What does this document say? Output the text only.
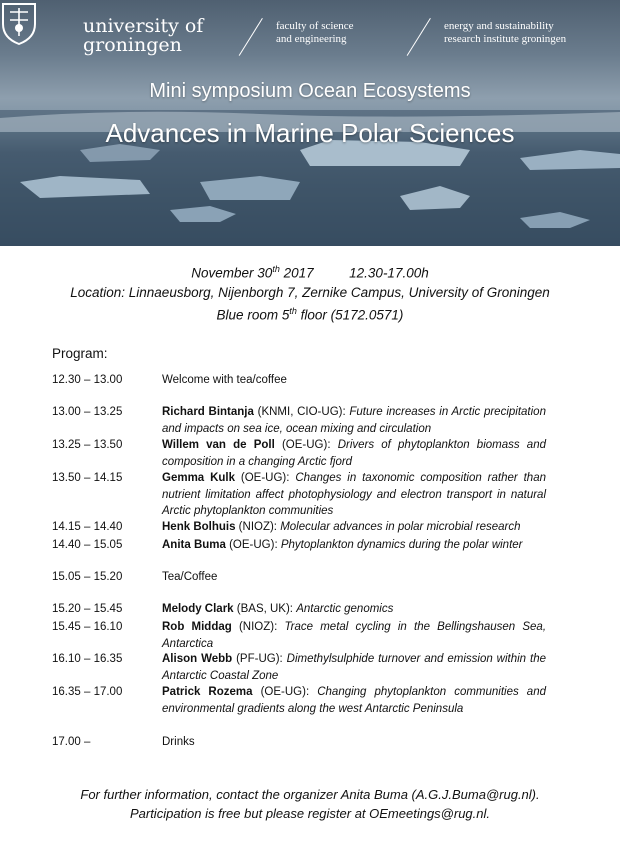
university of
groningen
faculty of science
and engineering
energy and sustainability
research institute groningen
Mini symposium Ocean Ecosystems
Advances in Marine Polar Sciences
November 30th 2017	12.30-17.00h
Location: Linnaeusborg, Nijenborgh 7, Zernike Campus, University of Groningen
Blue room 5th floor (5172.0571)
Program:
12.30 – 13.00	Welcome with tea/coffee
13.00 – 13.25	Richard Bintanja (KNMI, CIO-UG): Future increases in Arctic precipitation and impacts on sea ice, ocean mixing and circulation
13.25 – 13.50	Willem van de Poll (OE-UG): Drivers of phytoplankton biomass and composition in a changing Arctic fjord
13.50 – 14.15	Gemma Kulk (OE-UG): Changes in taxonomic composition rather than nutrient limitation affect photophysiology and electron transport in natural Arctic phytoplankton communities
14.15 – 14.40	Henk Bolhuis (NIOZ): Molecular advances in polar microbial research
14.40 – 15.05	Anita Buma (OE-UG): Phytoplankton dynamics during the polar winter
15.05 – 15.20	Tea/Coffee
15.20 – 15.45	Melody Clark (BAS, UK): Antarctic genomics
15.45 – 16.10	Rob Middag (NIOZ): Trace metal cycling in the Bellingshausen Sea, Antarctica
16.10 – 16.35	Alison Webb (PF-UG): Dimethylsulphide turnover and emission within the Antarctic Coastal Zone
16.35 – 17.00	Patrick Rozema (OE-UG): Changing phytoplankton communities and environmental gradients along the west Antarctic Peninsula
17.00 –	Drinks
For further information, contact the organizer Anita Buma (A.G.J.Buma@rug.nl).
Participation is free but please register at OEmeetings@rug.nl.
